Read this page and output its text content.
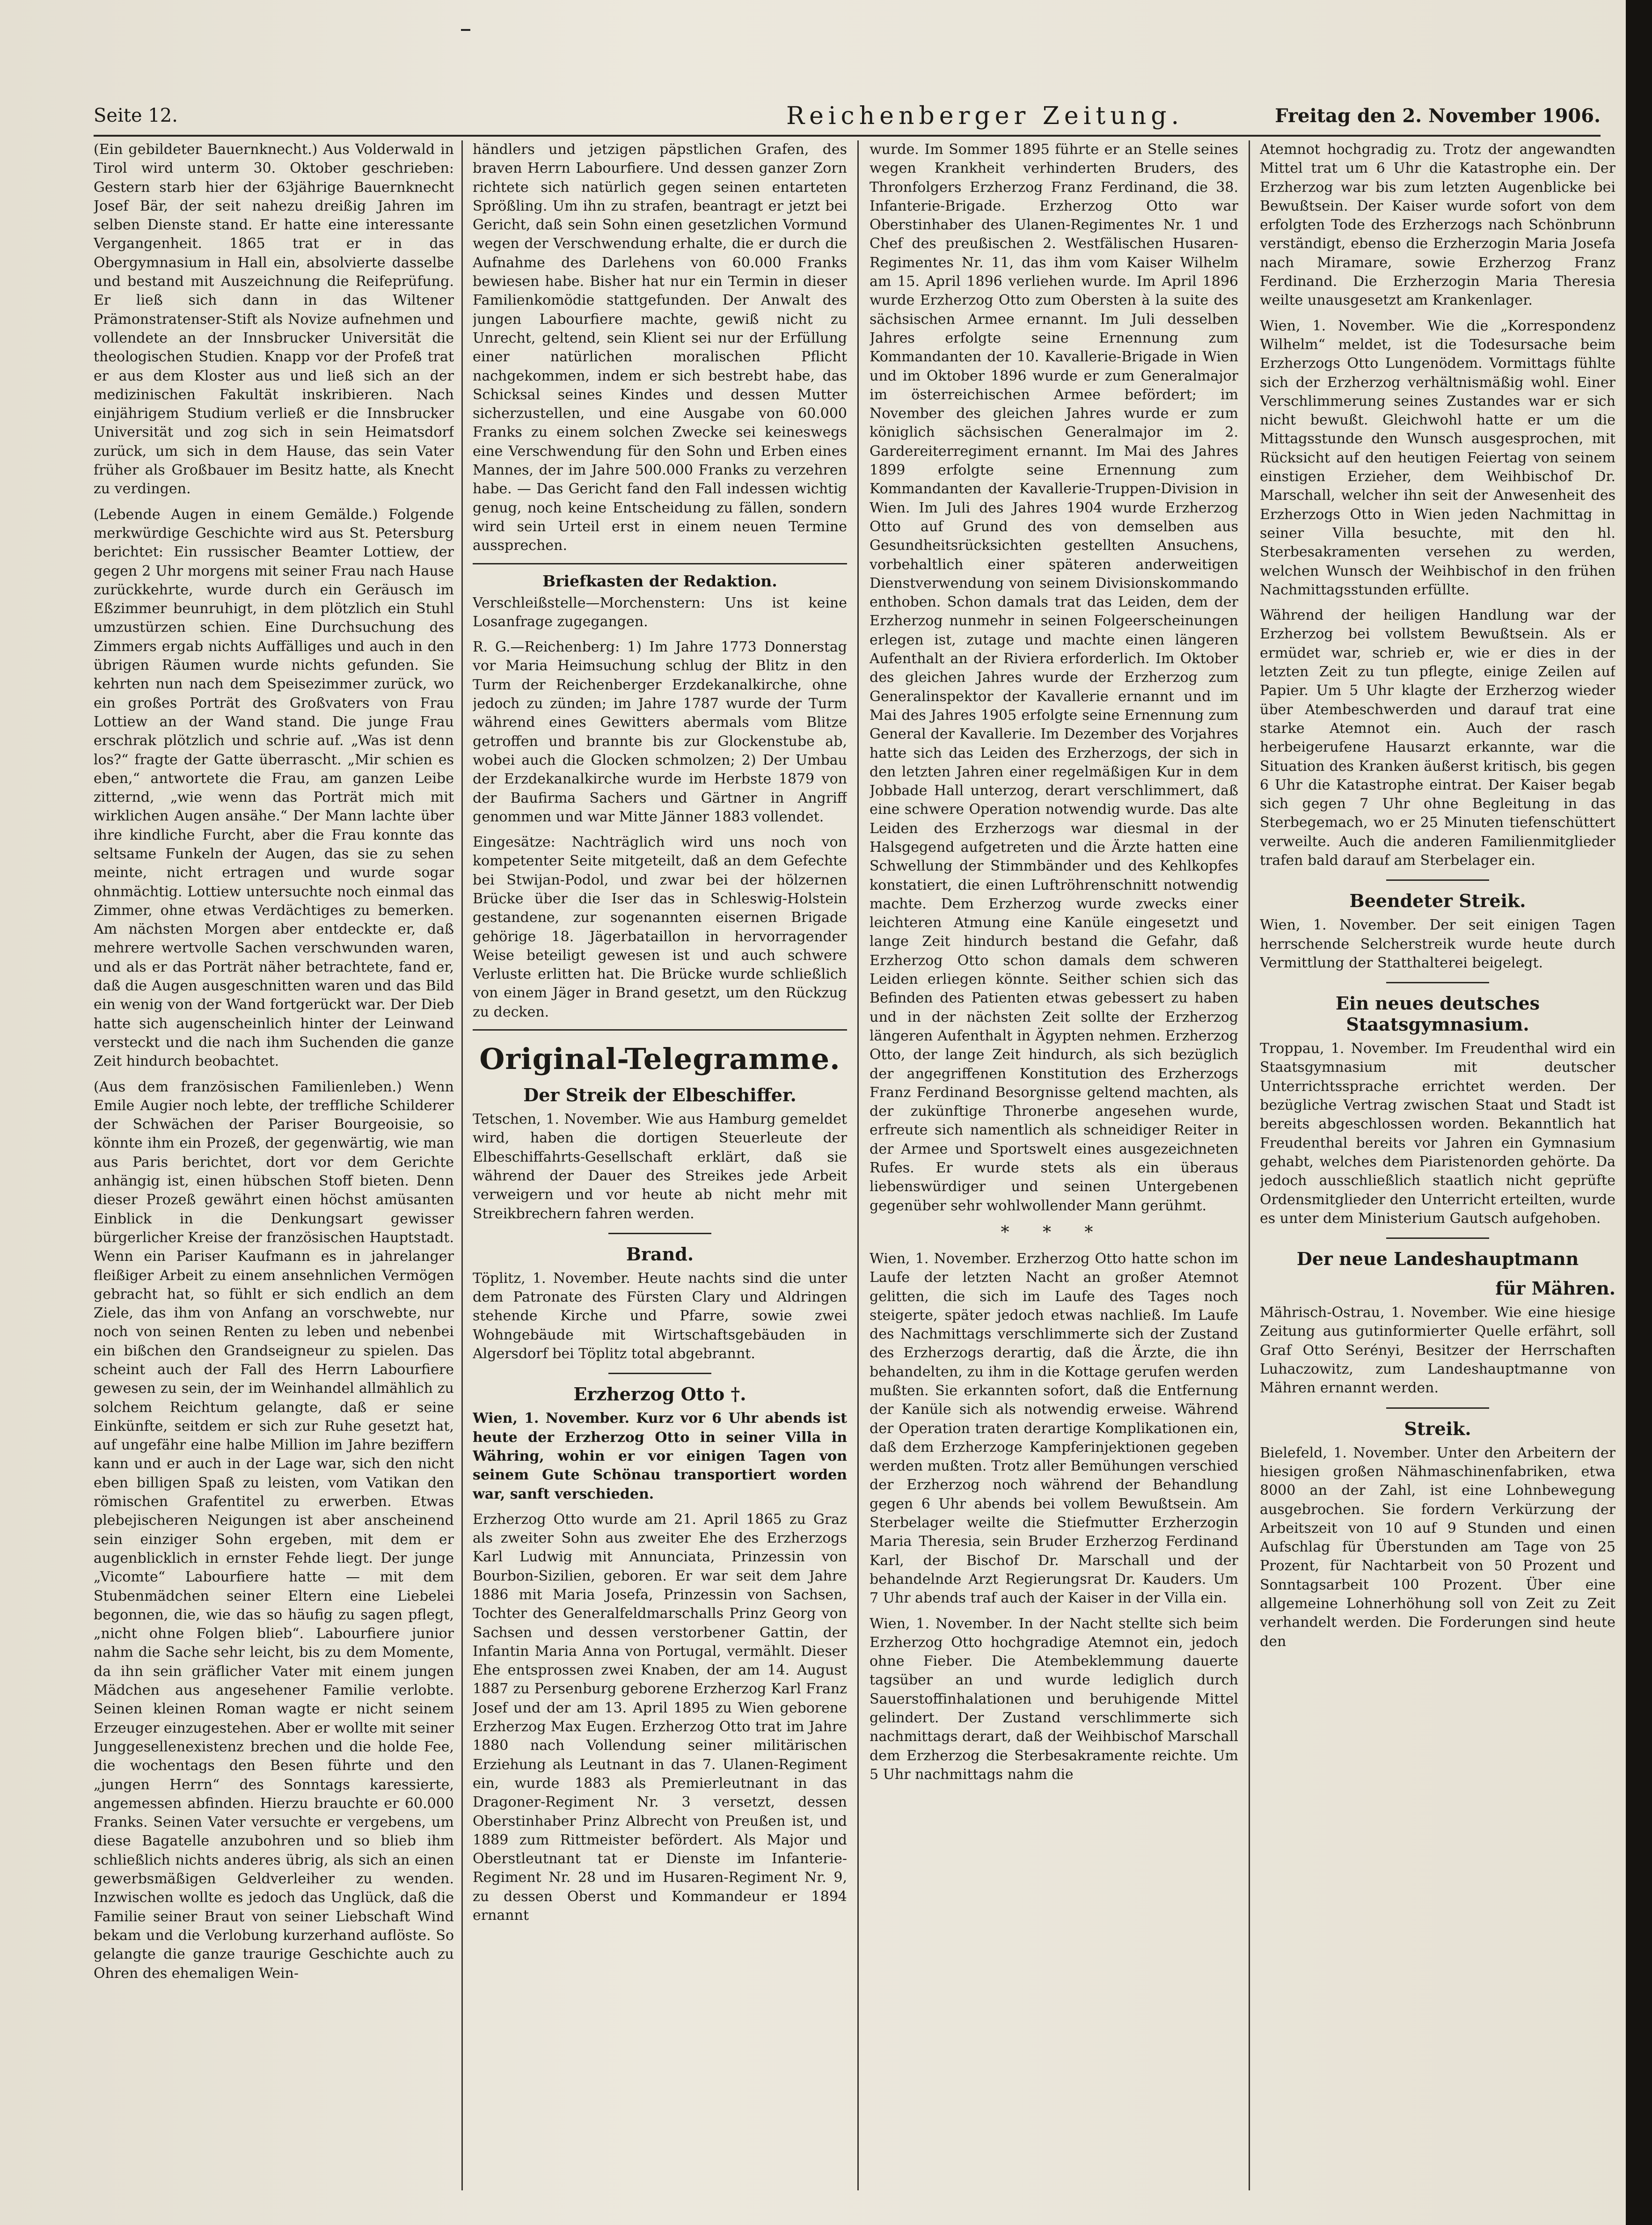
Seite 12.	Reichenberger Zeitung.	Freitag den 2. November 1906.

(Ein gebildeter Bauernknecht.) Aus Volderwald in Tirol wird unterm 30. Oktober geschrieben: Gestern starb hier der 63jährige Bauernknecht Josef Bär, der seit nahezu dreißig Jahren im selben Dienste stand. Er hatte eine interessante Vergangenheit. 1865 trat er in das Obergymnasium in Hall ein, absolvierte dasselbe und bestand mit Auszeichnung die Reifeprüfung. Er ließ sich dann in das Wiltener Prämonstratenser-Stift als Novize aufnehmen und vollendete an der Innsbrucker Universität die theologischen Studien. Knapp vor der Profeß trat er aus dem Kloster aus und ließ sich an der medizinischen Fakultät inskribieren. Nach einjährigem Studium verließ er die Innsbrucker Universität und zog sich in sein Heimatsdorf zurück, um sich in dem Hause, das sein Vater früher als Großbauer im Besitz hatte, als Knecht zu verdingen.

(Lebende Augen in einem Gemälde.) Folgende merkwürdige Geschichte wird aus St. Petersburg berichtet: Ein russischer Beamter Lottiew, der gegen 2 Uhr morgens mit seiner Frau nach Hause zurückkehrte, wurde durch ein Geräusch im Eßzimmer beunruhigt, in dem plötzlich ein Stuhl umzustürzen schien. Eine Durchsuchung des Zimmers ergab nichts Auffälliges und auch in den übrigen Räumen wurde nichts gefunden. Sie kehrten nun nach dem Speisezimmer zurück, wo ein großes Porträt des Großvaters von Frau Lottiew an der Wand stand. Die junge Frau erschrak plötzlich und schrie auf. „Was ist denn los?“ fragte der Gatte überrascht. „Mir schien es eben,“ antwortete die Frau, am ganzen Leibe zitternd, „wie wenn das Porträt mich mit wirklichen Augen ansähe.“ Der Mann lachte über ihre kindliche Furcht, aber die Frau konnte das seltsame Funkeln der Augen, das sie zu sehen meinte, nicht ertragen und wurde sogar ohnmächtig. Lottiew untersuchte noch einmal das Zimmer, ohne etwas Verdächtiges zu bemerken. Am nächsten Morgen aber entdeckte er, daß mehrere wertvolle Sachen verschwunden waren, und als er das Porträt näher betrachtete, fand er, daß die Augen ausgeschnitten waren und das Bild ein wenig von der Wand fortgerückt war. Der Dieb hatte sich augenscheinlich hinter der Leinwand versteckt und die nach ihm Suchenden die ganze Zeit hindurch beobachtet.

(Aus dem französischen Familienleben.) Wenn Emile Augier noch lebte, der treffliche Schilderer der Schwächen der Pariser Bourgeoisie, so könnte ihm ein Prozeß, der gegenwärtig, wie man aus Paris berichtet, dort vor dem Gerichte anhängig ist, einen hübschen Stoff bieten. Denn dieser Prozeß gewährt einen höchst amüsanten Einblick in die Denkungsart gewisser bürgerlicher Kreise der französischen Hauptstadt. Wenn ein Pariser Kaufmann es in jahrelanger fleißiger Arbeit zu einem ansehnlichen Vermögen gebracht hat, so fühlt er sich endlich an dem Ziele, das ihm von Anfang an vorschwebte, nur noch von seinen Renten zu leben und nebenbei ein bißchen den Grandseigneur zu spielen. Das scheint auch der Fall des Herrn Labourfiere gewesen zu sein, der im Weinhandel allmählich zu solchem Reichtum gelangte, daß er seine Einkünfte, seitdem er sich zur Ruhe gesetzt hat, auf ungefähr eine halbe Million im Jahre beziffern kann und er auch in der Lage war, sich den nicht eben billigen Spaß zu leisten, vom Vatikan den römischen Grafentitel zu erwerben. Etwas plebejischeren Neigungen ist aber anscheinend sein einziger Sohn ergeben, mit dem er augenblicklich in ernster Fehde liegt. Der junge „Vicomte“ Labourfiere hatte — mit dem Stubenmädchen seiner Eltern eine Liebelei begonnen, die, wie das so häufig zu sagen pflegt, „nicht ohne Folgen blieb“. Labourfiere junior nahm die Sache sehr leicht, bis zu dem Momente, da ihn sein gräflicher Vater mit einem jungen Mädchen aus angesehener Familie verlobte. Seinen kleinen Roman wagte er nicht seinem Erzeuger einzugestehen. Aber er wollte mit seiner Junggesellenexistenz brechen und die holde Fee, die wochentags den Besen führte und den „jungen Herrn“ des Sonntags karessierte, angemessen abfinden. Hierzu brauchte er 60.000 Franks. Seinen Vater versuchte er vergebens, um diese Bagatelle anzubohren und so blieb ihm schließlich nichts anderes übrig, als sich an einen gewerbsmäßigen Geldverleiher zu wenden. Inzwischen wollte es jedoch das Unglück, daß die Familie seiner Braut von seiner Liebschaft Wind bekam und die Verlobung kurzerhand auflöste. So gelangte die ganze traurige Geschichte auch zu Ohren des ehemaligen Wein-

händlers und jetzigen päpstlichen Grafen, des braven Herrn Labourfiere. Und dessen ganzer Zorn richtete sich natürlich gegen seinen entarteten Sprößling. Um ihn zu strafen, beantragt er jetzt bei Gericht, daß sein Sohn einen gesetzlichen Vormund wegen der Verschwendung erhalte, die er durch die Aufnahme des Darlehens von 60.000 Franks bewiesen habe. Bisher hat nur ein Termin in dieser Familienkomödie stattgefunden. Der Anwalt des jungen Labourfiere machte, gewiß nicht zu Unrecht, geltend, sein Klient sei nur der Erfüllung einer natürlichen moralischen Pflicht nachgekommen, indem er sich bestrebt habe, das Schicksal seines Kindes und dessen Mutter sicherzustellen, und eine Ausgabe von 60.000 Franks zu einem solchen Zwecke sei keineswegs eine Verschwendung für den Sohn und Erben eines Mannes, der im Jahre 500.000 Franks zu verzehren habe. — Das Gericht fand den Fall indessen wichtig genug, noch keine Entscheidung zu fällen, sondern wird sein Urteil erst in einem neuen Termine aussprechen.

Briefkasten der Redaktion.

Verschleißstelle—Morchenstern: Uns ist keine Losanfrage zugegangen.

R. G.—Reichenberg: 1) Im Jahre 1773 Donnerstag vor Maria Heimsuchung schlug der Blitz in den Turm der Reichenberger Erzdekanalkirche, ohne jedoch zu zünden; im Jahre 1787 wurde der Turm während eines Gewitters abermals vom Blitze getroffen und brannte bis zur Glockenstube ab, wobei auch die Glocken schmolzen; 2) Der Umbau der Erzdekanalkirche wurde im Herbste 1879 von der Baufirma Sachers und Gärtner in Angriff genommen und war Mitte Jänner 1883 vollendet.

Eingesätze: Nachträglich wird uns noch von kompetenter Seite mitgeteilt, daß an dem Gefechte bei Stwijan-Podol, und zwar bei der hölzernen Brücke über die Iser das in Schleswig-Holstein gestandene, zur sogenannten eisernen Brigade gehörige 18. Jägerbataillon in hervorragender Weise beteiligt gewesen ist und auch schwere Verluste erlitten hat. Die Brücke wurde schließlich von einem Jäger in Brand gesetzt, um den Rückzug zu decken.

Original-Telegramme.
Der Streik der Elbeschiffer.

Tetschen, 1. November. Wie aus Hamburg gemeldet wird, haben die dortigen Steuerleute der Elbeschiffahrts-Gesellschaft erklärt, daß sie während der Dauer des Streikes jede Arbeit verweigern und vor heute ab nicht mehr mit Streikbrechern fahren werden.

Brand.

Töplitz, 1. November. Heute nachts sind die unter dem Patronate des Fürsten Clary und Aldringen stehende Kirche und Pfarre, sowie zwei Wohngebäude mit Wirtschaftsgebäuden in Algersdorf bei Töplitz total abgebrannt.

Erzherzog Otto †.

Wien, 1. November. Kurz vor 6 Uhr abends ist heute der Erzherzog Otto in seiner Villa in Währing, wohin er vor einigen Tagen von seinem Gute Schönau transportiert worden war, sanft verschieden.

Erzherzog Otto wurde am 21. April 1865 zu Graz als zweiter Sohn aus zweiter Ehe des Erzherzogs Karl Ludwig mit Annunciata, Prinzessin von Bourbon-Sizilien, geboren. Er war seit dem Jahre 1886 mit Maria Josefa, Prinzessin von Sachsen, Tochter des Generalfeldmarschalls Prinz Georg von Sachsen und dessen verstorbener Gattin, der Infantin Maria Anna von Portugal, vermählt. Dieser Ehe entsprossen zwei Knaben, der am 14. August 1887 zu Persenburg geborene Erzherzog Karl Franz Josef und der am 13. April 1895 zu Wien geborene Erzherzog Max Eugen. Erzherzog Otto trat im Jahre 1880 nach Vollendung seiner militärischen Erziehung als Leutnant in das 7. Ulanen-Regiment ein, wurde 1883 als Premierleutnant in das Dragoner-Regiment Nr. 3 versetzt, dessen Oberstinhaber Prinz Albrecht von Preußen ist, und 1889 zum Rittmeister befördert. Als Major und Oberstleutnant tat er Dienste im Infanterie-Regiment Nr. 28 und im Husaren-Regiment Nr. 9, zu dessen Oberst und Kommandeur er 1894 ernannt

wurde. Im Sommer 1895 führte er an Stelle seines wegen Krankheit verhinderten Bruders, des Thronfolgers Erzherzog Franz Ferdinand, die 38. Infanterie-Brigade. Erzherzog Otto war Oberstinhaber des Ulanen-Regimentes Nr. 1 und Chef des preußischen 2. Westfälischen Husaren-Regimentes Nr. 11, das ihm vom Kaiser Wilhelm am 15. April 1896 verliehen wurde. Im April 1896 wurde Erzherzog Otto zum Obersten à la suite des sächsischen Armee ernannt. Im Juli desselben Jahres erfolgte seine Ernennung zum Kommandanten der 10. Kavallerie-Brigade in Wien und im Oktober 1896 wurde er zum Generalmajor im österreichischen Armee befördert; im November des gleichen Jahres wurde er zum königlich sächsischen Generalmajor im 2. Gardereiterregiment ernannt. Im Mai des Jahres 1899 erfolgte seine Ernennung zum Kommandanten der Kavallerie-Truppen-Division in Wien. Im Juli des Jahres 1904 wurde Erzherzog Otto auf Grund des von demselben aus Gesundheitsrücksichten gestellten Ansuchens, vorbehaltlich einer späteren anderweitigen Dienstverwendung von seinem Divisionskommando enthoben. Schon damals trat das Leiden, dem der Erzherzog nunmehr in seinen Folgeerscheinungen erlegen ist, zutage und machte einen längeren Aufenthalt an der Riviera erforderlich. Im Oktober des gleichen Jahres wurde der Erzherzog zum Generalinspektor der Kavallerie ernannt und im Mai des Jahres 1905 erfolgte seine Ernennung zum General der Kavallerie. Im Dezember des Vorjahres hatte sich das Leiden des Erzherzogs, der sich in den letzten Jahren einer regelmäßigen Kur in dem Jobbade Hall unterzog, derart verschlimmert, daß eine schwere Operation notwendig wurde. Das alte Leiden des Erzherzogs war diesmal in der Halsgegend aufgetreten und die Ärzte hatten eine Schwellung der Stimmbänder und des Kehlkopfes konstatiert, die einen Luftröhrenschnitt notwendig machte. Dem Erzherzog wurde zwecks einer leichteren Atmung eine Kanüle eingesetzt und lange Zeit hindurch bestand die Gefahr, daß Erzherzog Otto schon damals dem schweren Leiden erliegen könnte. Seither schien sich das Befinden des Patienten etwas gebessert zu haben und in der nächsten Zeit sollte der Erzherzog längeren Aufenthalt in Ägypten nehmen. Erzherzog Otto, der lange Zeit hindurch, als sich bezüglich der angegriffenen Konstitution des Erzherzogs Franz Ferdinand Besorgnisse geltend machten, als der zukünftige Thronerbe angesehen wurde, erfreute sich namentlich als schneidiger Reiter in der Armee und Sportswelt eines ausgezeichneten Rufes. Er wurde stets als ein überaus liebenswürdiger und seinen Untergebenen gegenüber sehr wohlwollender Mann gerühmt.

* * *

Wien, 1. November. Erzherzog Otto hatte schon im Laufe der letzten Nacht an großer Atemnot gelitten, die sich im Laufe des Tages noch steigerte, später jedoch etwas nachließ. Im Laufe des Nachmittags verschlimmerte sich der Zustand des Erzherzogs derartig, daß die Ärzte, die ihn behandelten, zu ihm in die Kottage gerufen werden mußten. Sie erkannten sofort, daß die Entfernung der Kanüle sich als notwendig erweise. Während der Operation traten derartige Komplikationen ein, daß dem Erzherzoge Kampferinjektionen gegeben werden mußten. Trotz aller Bemühungen verschied der Erzherzog noch während der Behandlung gegen 6 Uhr abends bei vollem Bewußtsein. Am Sterbelager weilte die Stiefmutter Erzherzogin Maria Theresia, sein Bruder Erzherzog Ferdinand Karl, der Bischof Dr. Marschall und der behandelnde Arzt Regierungsrat Dr. Kauders. Um 7 Uhr abends traf auch der Kaiser in der Villa ein.

Wien, 1. November. In der Nacht stellte sich beim Erzherzog Otto hochgradige Atemnot ein, jedoch ohne Fieber. Die Atembeklemmung dauerte tagsüber an und wurde lediglich durch Sauerstoffinhalationen und beruhigende Mittel gelindert. Der Zustand verschlimmerte sich nachmittags derart, daß der Weihbischof Marschall dem Erzherzog die Sterbesakramente reichte. Um 5 Uhr nachmittags nahm die

Atemnot hochgradig zu. Trotz der angewandten Mittel trat um 6 Uhr die Katastrophe ein. Der Erzherzog war bis zum letzten Augenblicke bei Bewußtsein. Der Kaiser wurde sofort von dem erfolgten Tode des Erzherzogs nach Schönbrunn verständigt, ebenso die Erzherzogin Maria Josefa nach Miramare, sowie Erzherzog Franz Ferdinand. Die Erzherzogin Maria Theresia weilte unausgesetzt am Krankenlager.

Wien, 1. November. Wie die „Korrespondenz Wilhelm“ meldet, ist die Todesursache beim Erzherzogs Otto Lungenödem. Vormittags fühlte sich der Erzherzog verhältnismäßig wohl. Einer Verschlimmerung seines Zustandes war er sich nicht bewußt. Gleichwohl hatte er um die Mittagsstunde den Wunsch ausgesprochen, mit Rücksicht auf den heutigen Feiertag von seinem einstigen Erzieher, dem Weihbischof Dr. Marschall, welcher ihn seit der Anwesenheit des Erzherzogs Otto in Wien jeden Nachmittag in seiner Villa besuchte, mit den hl. Sterbesakramenten versehen zu werden, welchen Wunsch der Weihbischof in den frühen Nachmittagsstunden erfüllte.

Während der heiligen Handlung war der Erzherzog bei vollstem Bewußtsein. Als er ermüdet war, schrieb er, wie er dies in der letzten Zeit zu tun pflegte, einige Zeilen auf Papier. Um 5 Uhr klagte der Erzherzog wieder über Atembeschwerden und darauf trat eine starke Atemnot ein. Auch der rasch herbeigerufene Hausarzt erkannte, war die Situation des Kranken äußerst kritisch, bis gegen 6 Uhr die Katastrophe eintrat. Der Kaiser begab sich gegen 7 Uhr ohne Begleitung in das Sterbegemach, wo er 25 Minuten tiefenschüttert verweilte. Auch die anderen Familienmitglieder trafen bald darauf am Sterbelager ein.

Beendeter Streik.

Wien, 1. November. Der seit einigen Tagen herrschende Selcherstreik wurde heute durch Vermittlung der Statthalterei beigelegt.

Ein neues deutsches Staatsgymnasium.

Troppau, 1. November. Im Freudenthal wird ein Staatsgymnasium mit deutscher Unterrichtssprache errichtet werden. Der bezügliche Vertrag zwischen Staat und Stadt ist bereits abgeschlossen worden. Bekanntlich hat Freudenthal bereits vor Jahren ein Gymnasium gehabt, welches dem Piaristenorden gehörte. Da jedoch ausschließlich staatlich nicht geprüfte Ordensmitglieder den Unterricht erteilten, wurde es unter dem Ministerium Gautsch aufgehoben.

Der neue Landeshauptmann
für Mähren.

Mährisch-Ostrau, 1. November. Wie eine hiesige Zeitung aus gutinformierter Quelle erfährt, soll Graf Otto Serényi, Besitzer der Herrschaften Luhaczowitz, zum Landeshauptmanne von Mähren ernannt werden.

Streik.

Bielefeld, 1. November. Unter den Arbeitern der hiesigen großen Nähmaschinenfabriken, etwa 8000 an der Zahl, ist eine Lohnbewegung ausgebrochen. Sie fordern Verkürzung der Arbeitszeit von 10 auf 9 Stunden und einen Aufschlag für Überstunden am Tage von 25 Prozent, für Nachtarbeit von 50 Prozent und Sonntagsarbeit 100 Prozent. Über eine allgemeine Lohnerhöhung soll von Zeit zu Zeit verhandelt werden. Die Forderungen sind heute den
